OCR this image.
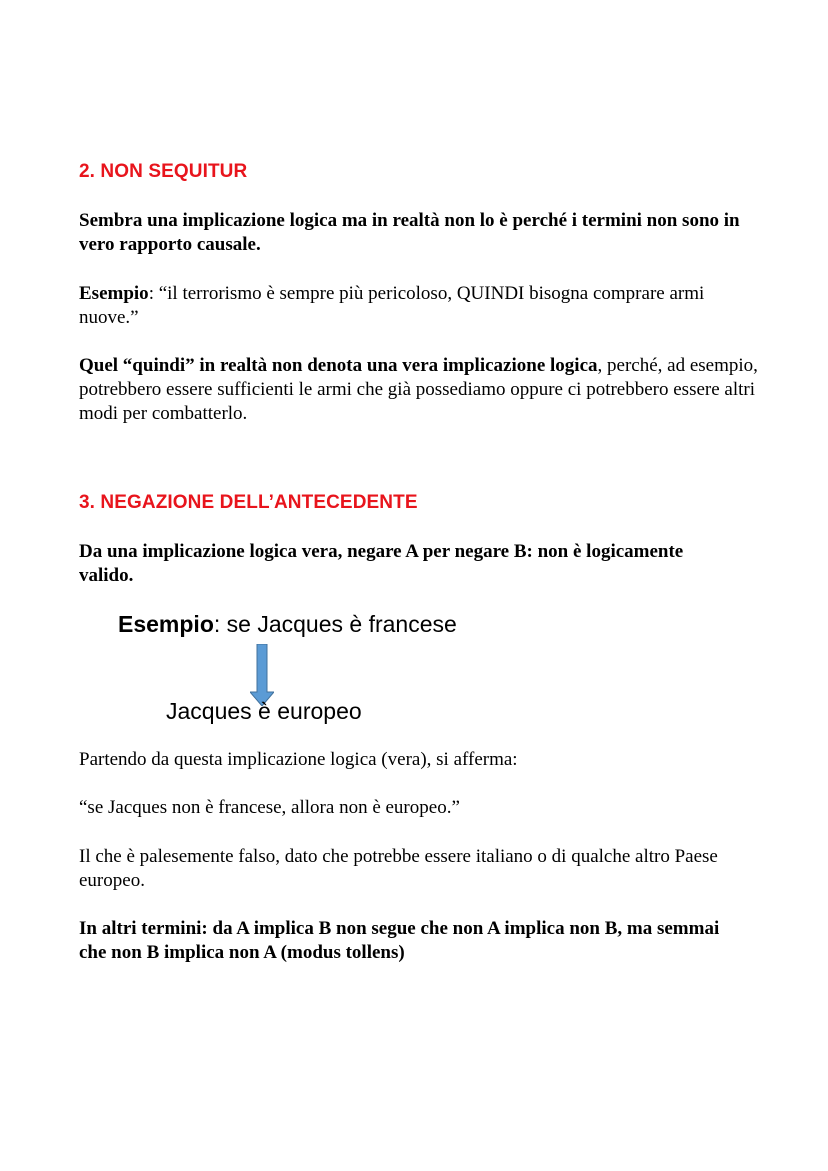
2. NON SEQUITUR

Sembra una implicazione logica ma in realtà non lo è perché i termini non sono in vero rapporto causale.

Esempio: “il terrorismo è sempre più pericoloso, QUINDI bisogna comprare armi nuove.”

Quel “quindi” in realtà non denota una vera implicazione logica, perché, ad esempio, potrebbero essere sufficienti le armi che già possediamo oppure ci potrebbero essere altri modi per combatterlo.

3. NEGAZIONE DELL’ANTECEDENTE

Da una implicazione logica vera, negare A per negare B: non è logicamente valido.

Esempio: se Jacques è francese
Jacques è europeo

Partendo da questa implicazione logica (vera), si afferma:

“se Jacques non è francese, allora non è europeo.”

Il che è palesemente falso, dato che potrebbe essere italiano o di qualche altro Paese europeo.

In altri termini: da A implica B non segue che non A implica non B, ma semmai che non B implica non A (modus tollens)
